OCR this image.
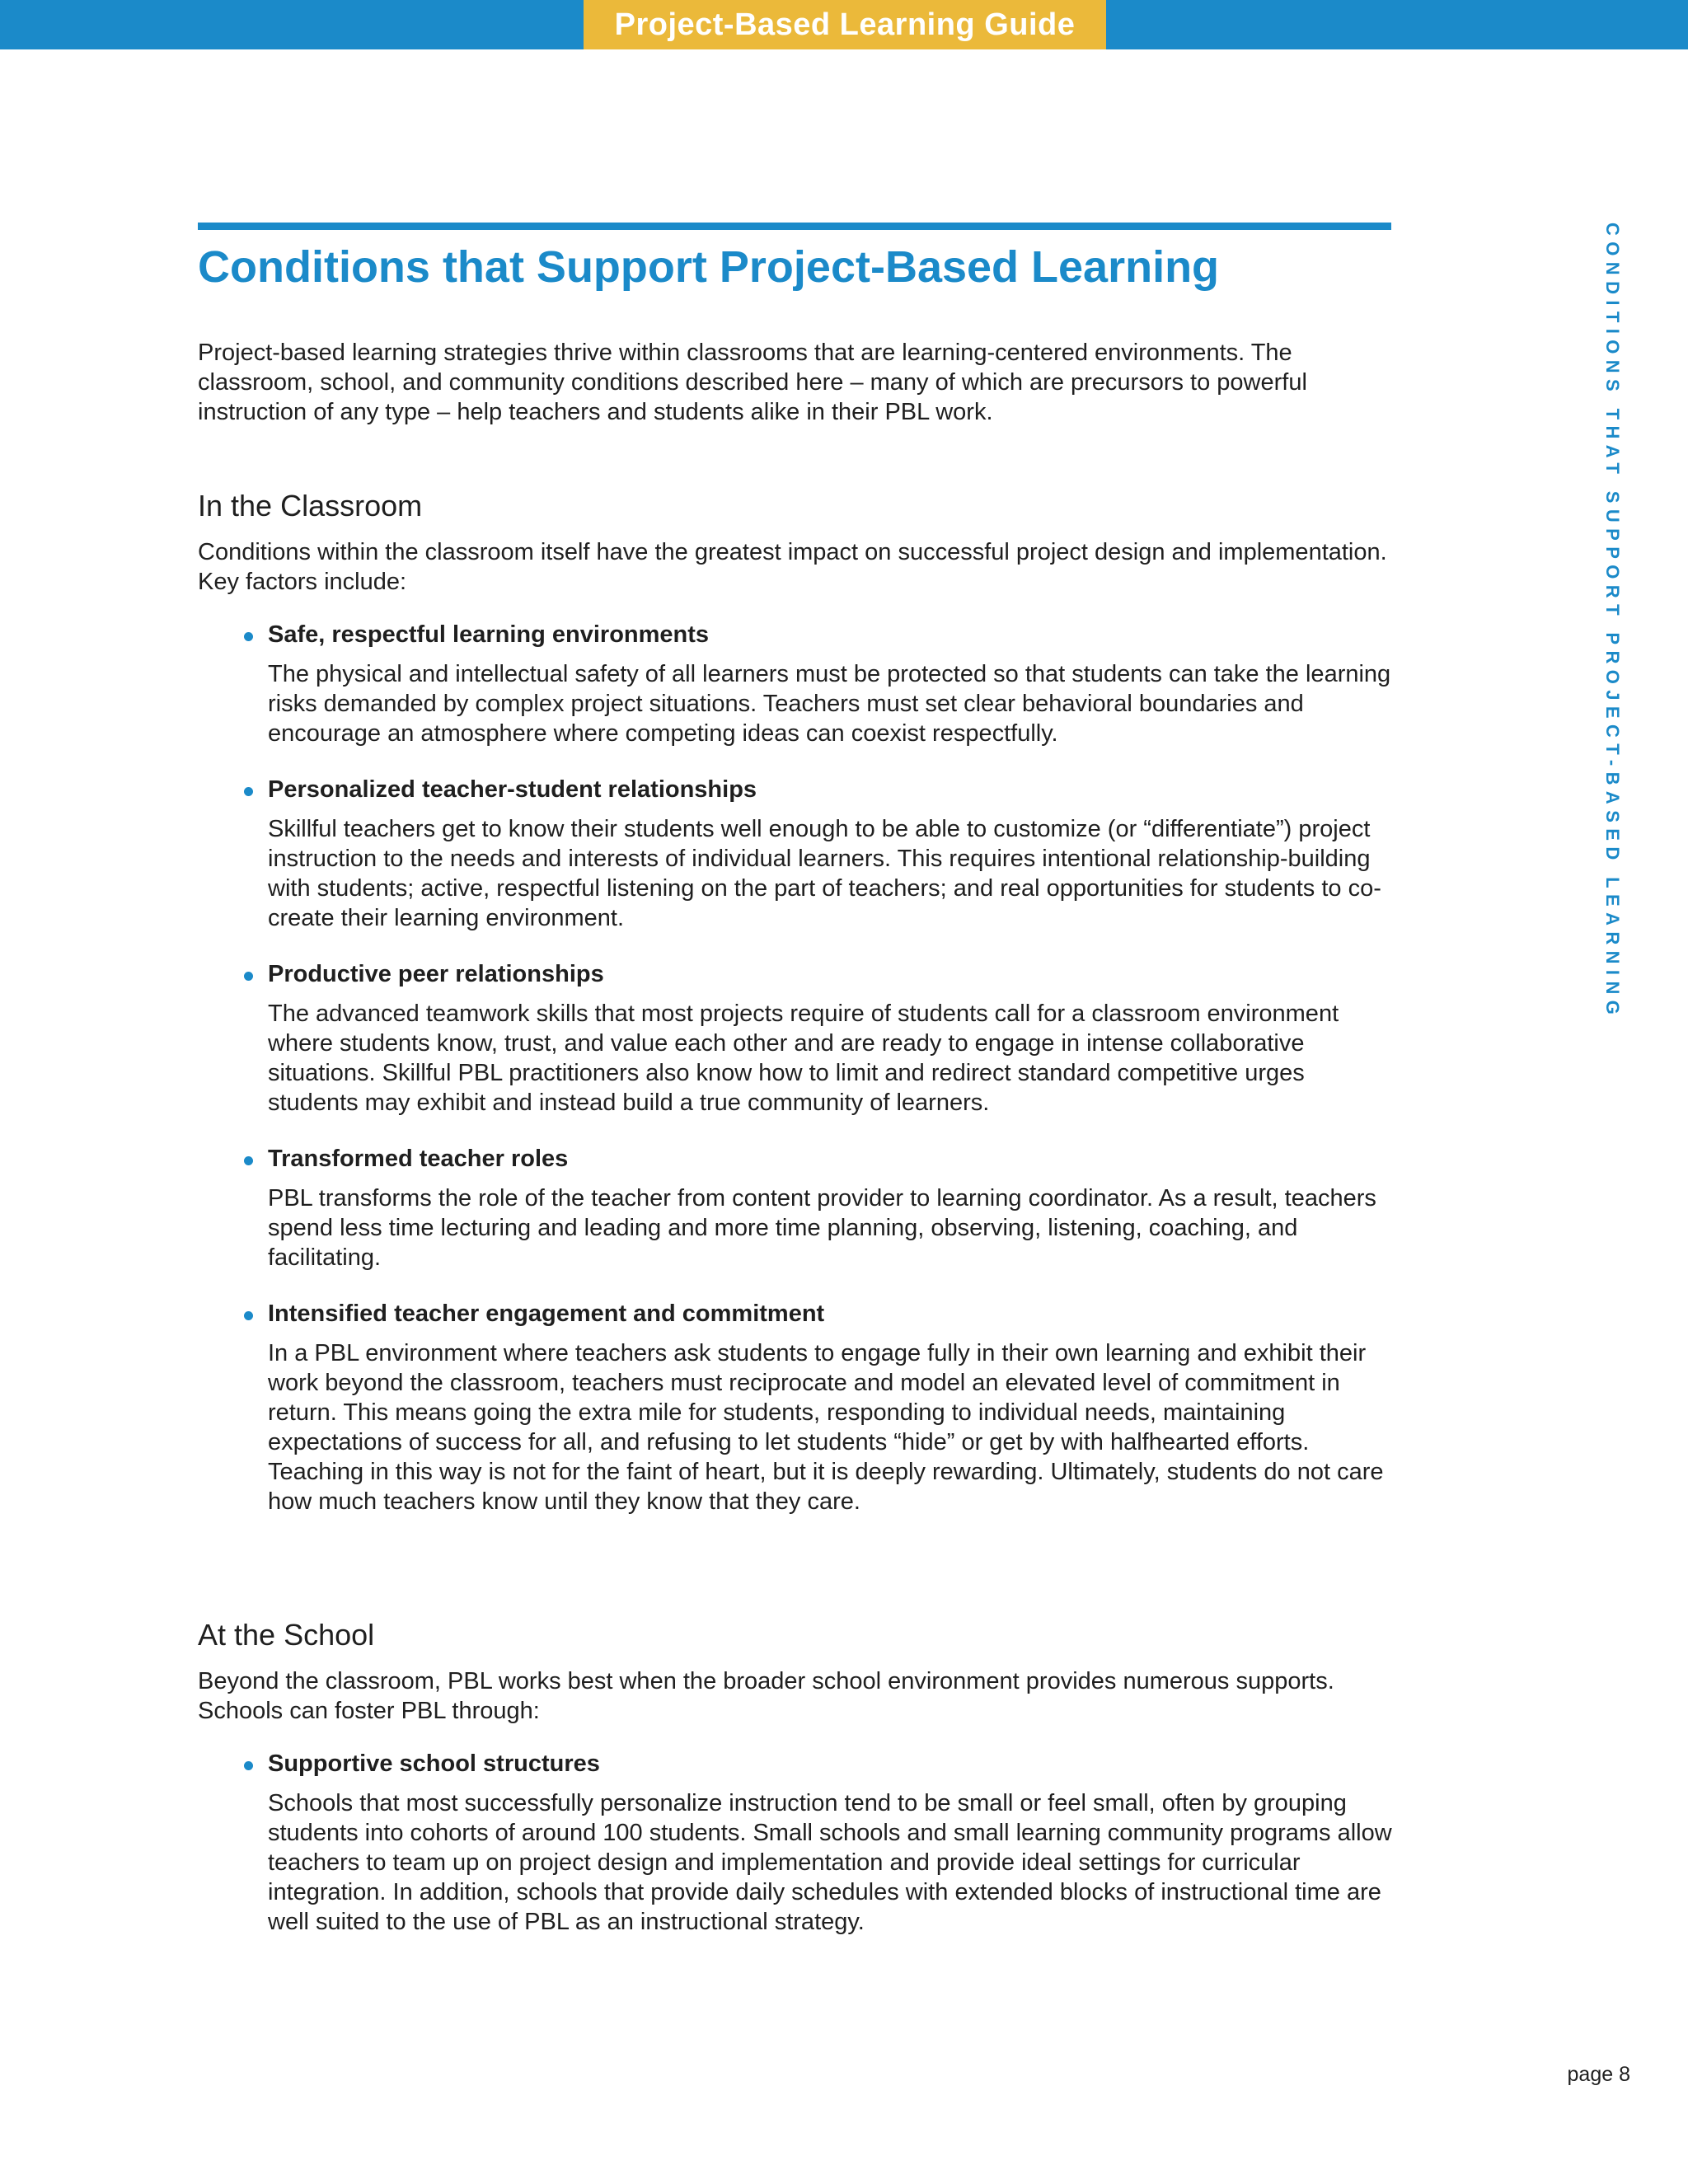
Project-Based Learning Guide
Conditions that Support Project-Based Learning	CONDITIONS THAT SUPPORT PROJECT-BASED LEARNING

Project-based learning strategies thrive within classrooms that are learning-centered environments. The classroom, school, and community conditions described here – many of which are precursors to powerful instruction of any type – help teachers and students alike in their PBL work.

In the Classroom

Conditions within the classroom itself have the greatest impact on successful project design and implementation. Key factors include:

Safe, respectful learning environments
The physical and intellectual safety of all learners must be protected so that students can take the learning risks demanded by complex project situations. Teachers must set clear behavioral boundaries and encourage an atmosphere where competing ideas can coexist respectfully.
Personalized teacher-student relationships
Skillful teachers get to know their students well enough to be able to customize (or “differentiate”) project instruction to the needs and interests of individual learners. This requires intentional relationship-building with students; active, respectful listening on the part of teachers; and real opportunities for students to co-create their learning environment.
Productive peer relationships
The advanced teamwork skills that most projects require of students call for a classroom environment where students know, trust, and value each other and are ready to engage in intense collaborative situations. Skillful PBL practitioners also know how to limit and redirect standard competitive urges students may exhibit and instead build a true community of learners.
Transformed teacher roles
PBL transforms the role of the teacher from content provider to learning coordinator. As a result, teachers spend less time lecturing and leading and more time planning, observing, listening, coaching, and facilitating.
Intensified teacher engagement and commitment
In a PBL environment where teachers ask students to engage fully in their own learning and exhibit their work beyond the classroom, teachers must reciprocate and model an elevated level of commitment in return. This means going the extra mile for students, responding to individual needs, maintaining expectations of success for all, and refusing to let students “hide” or get by with halfhearted efforts. Teaching in this way is not for the faint of heart, but it is deeply rewarding. Ultimately, students do not care how much teachers know until they know that they care.
At the School

Beyond the classroom, PBL works best when the broader school environment provides numerous supports. Schools can foster PBL through:

Supportive school structures
Schools that most successfully personalize instruction tend to be small or feel small, often by grouping students into cohorts of around 100 students. Small schools and small learning community programs allow teachers to team up on project design and implementation and provide ideal settings for curricular integration. In addition, schools that provide daily schedules with extended blocks of instructional time are well suited to the use of PBL as an instructional strategy.
page 8
